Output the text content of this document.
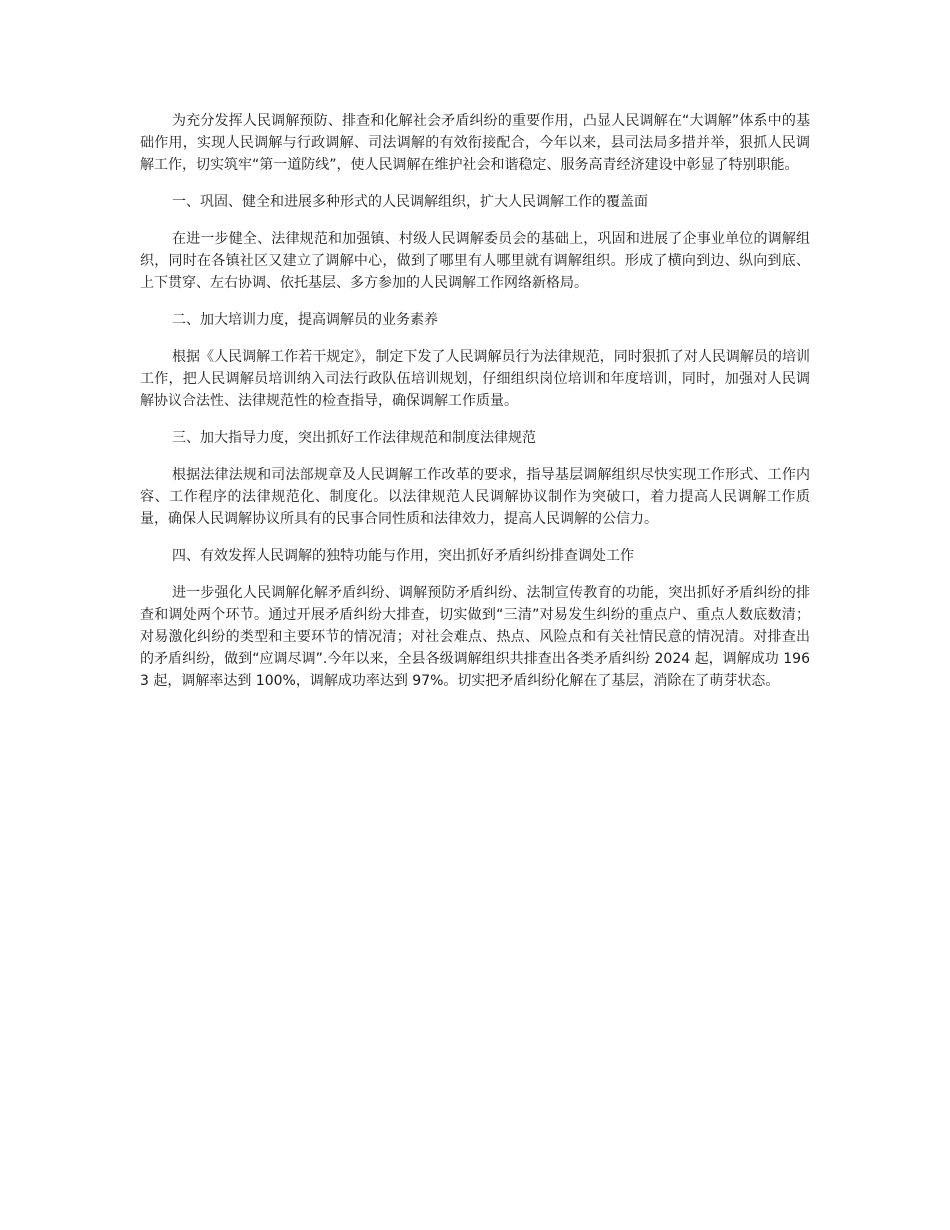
为充分发挥人民调解预防、排查和化解社会矛盾纠纷的重要作用，凸显人民调解在“大调解”体系中的基础作用，实现人民调解与行政调解、司法调解的有效衔接配合，今年以来，县司法局多措并举，狠抓人民调解工作，切实筑牢“第一道防线”，使人民调解在维护社会和谐稳定、服务高青经济建设中彰显了特别职能。

一、巩固、健全和进展多种形式的人民调解组织，扩大人民调解工作的覆盖面

在进一步健全、法律规范和加强镇、村级人民调解委员会的基础上，巩固和进展了企事业单位的调解组织，同时在各镇社区又建立了调解中心，做到了哪里有人哪里就有调解组织。形成了横向到边、纵向到底、上下贯穿、左右协调、依托基层、多方参加的人民调解工作网络新格局。

二、加大培训力度，提高调解员的业务素养

根据《人民调解工作若干规定》，制定下发了人民调解员行为法律规范，同时狠抓了对人民调解员的培训工作，把人民调解员培训纳入司法行政队伍培训规划，仔细组织岗位培训和年度培训，同时，加强对人民调解协议合法性、法律规范性的检查指导，确保调解工作质量。

三、加大指导力度，突出抓好工作法律规范和制度法律规范

根据法律法规和司法部规章及人民调解工作改革的要求，指导基层调解组织尽快实现工作形式、工作内容、工作程序的法律规范化、制度化。以法律规范人民调解协议制作为突破口，着力提高人民调解工作质量，确保人民调解协议所具有的民事合同性质和法律效力，提高人民调解的公信力。

四、有效发挥人民调解的独特功能与作用，突出抓好矛盾纠纷排查调处工作

进一步强化人民调解化解矛盾纠纷、调解预防矛盾纠纷、法制宣传教育的功能，突出抓好矛盾纠纷的排查和调处两个环节。通过开展矛盾纠纷大排查，切实做到“三清”对易发生纠纷的重点户、重点人数底数清；对易激化纠纷的类型和主要环节的情况清；对社会难点、热点、风险点和有关社情民意的情况清。对排查出的矛盾纠纷，做到“应调尽调”.今年以来，全县各级调解组织共排查出各类矛盾纠纷 2024 起，调解成功 1963 起，调解率达到 100%，调解成功率达到 97%。切实把矛盾纠纷化解在了基层，消除在了萌芽状态。
